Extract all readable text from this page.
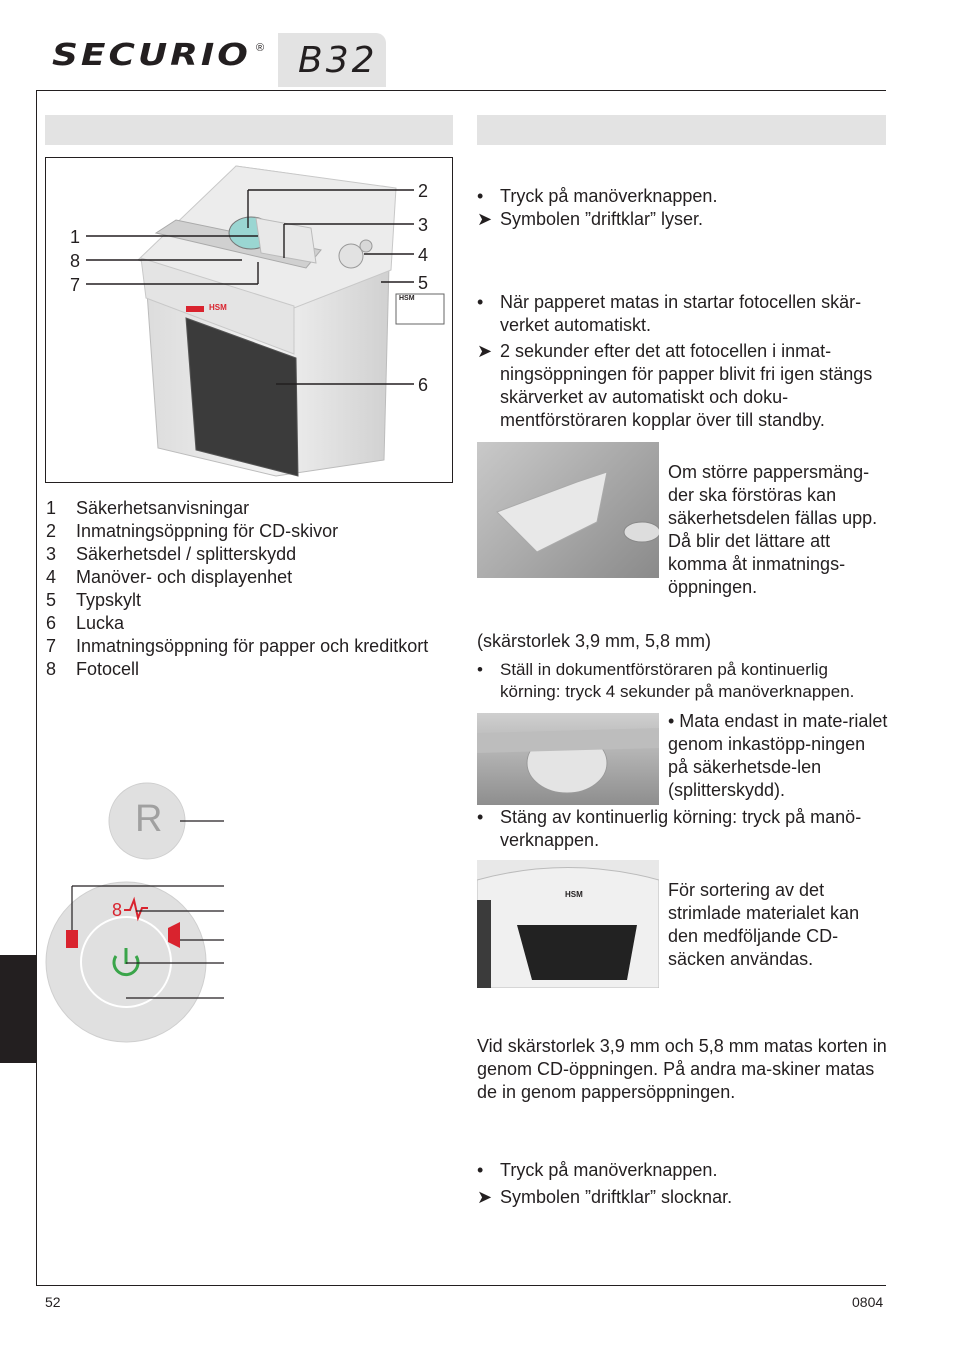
SECURIO ® B32
1
8
7
2
3
4
5
6
HSM
HSM
1	Säkerhetsanvisningar
2	Inmatningsöppning för CD-skivor
3	Säkerhetsdel / splitterskydd
4	Manöver- och displayenhet
5	Typskylt
6	Lucka
7	Inmatningsöppning för papper och kreditkort
8	Fotocell
8
R
• Tryck på manöverknappen.
➤ Symbolen ”driftklar” lyser.
• När papperet matas in startar fotocellen skär-verket automatiskt.
➤ 2 sekunder efter det att fotocellen i inmat-ningsöppningen för papper blivit fri igen stängs skärverket av automatiskt och doku-mentförstöraren kopplar över till standby.
Om större pappersmäng-der ska förstöras kan säkerhetsdelen fällas upp. Då blir det lättare att komma åt inmatnings-öppningen.
(skärstorlek 3,9 mm, 5,8 mm)
•	Ställ in dokumentförstöraren på kontinuerlig körning: tryck 4 sekunder på manöverknappen.
• Mata endast in mate-rialet genom inkastöpp-ningen på säkerhetsde-len (splitterskydd).
• Stäng av kontinuerlig körning: tryck på manö-verknappen.
HSM	För sortering av det strimlade materialet kan den medföljande CD-säcken användas.
Vid skärstorlek 3,9 mm och 5,8 mm matas korten in genom CD-öppningen. På andra ma-skiner matas de in genom pappersöppningen.
• Tryck på manöverknappen.
➤ Symbolen ”driftklar” slocknar.
52	0804
